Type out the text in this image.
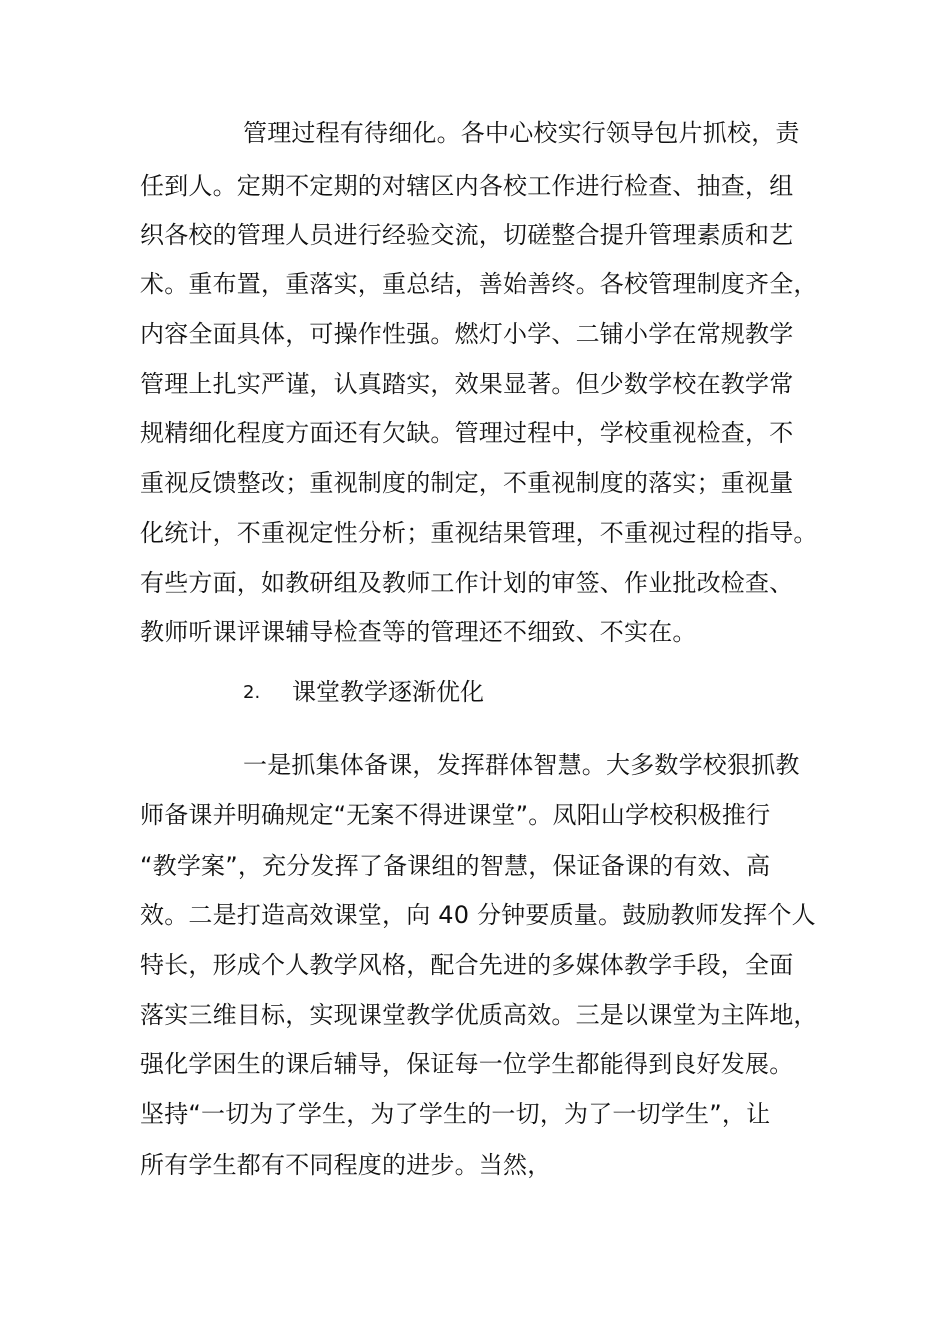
管理过程有待细化。各中心校实行领导包片抓校，责
任到人。定期不定期的对辖区内各校工作进行检查、抽查，组
织各校的管理人员进行经验交流，切磋整合提升管理素质和艺
术。重布置，重落实，重总结，善始善终。各校管理制度齐全，
内容全面具体，可操作性强。燃灯小学、二铺小学在常规教学
管理上扎实严谨，认真踏实，效果显著。但少数学校在教学常
规精细化程度方面还有欠缺。管理过程中，学校重视检查，不
重视反馈整改；重视制度的制定，不重视制度的落实；重视量
化统计，不重视定性分析；重视结果管理，不重视过程的指导。
有些方面，如教研组及教师工作计划的审签、作业批改检查、
教师听课评课辅导检查等的管理还不细致、不实在。
2. 课堂教学逐渐优化
一是抓集体备课，发挥群体智慧。大多数学校狠抓教
师备课并明确规定“无案不得进课堂”。凤阳山学校积极推行
“教学案”，充分发挥了备课组的智慧，保证备课的有效、高
效。二是打造高效课堂，向 40 分钟要质量。鼓励教师发挥个人
特长，形成个人教学风格，配合先进的多媒体教学手段，全面
落实三维目标，实现课堂教学优质高效。三是以课堂为主阵地，
强化学困生的课后辅导，保证每一位学生都能得到良好发展。
坚持“一切为了学生，为了学生的一切，为了一切学生”，让
所有学生都有不同程度的进步。当然，
